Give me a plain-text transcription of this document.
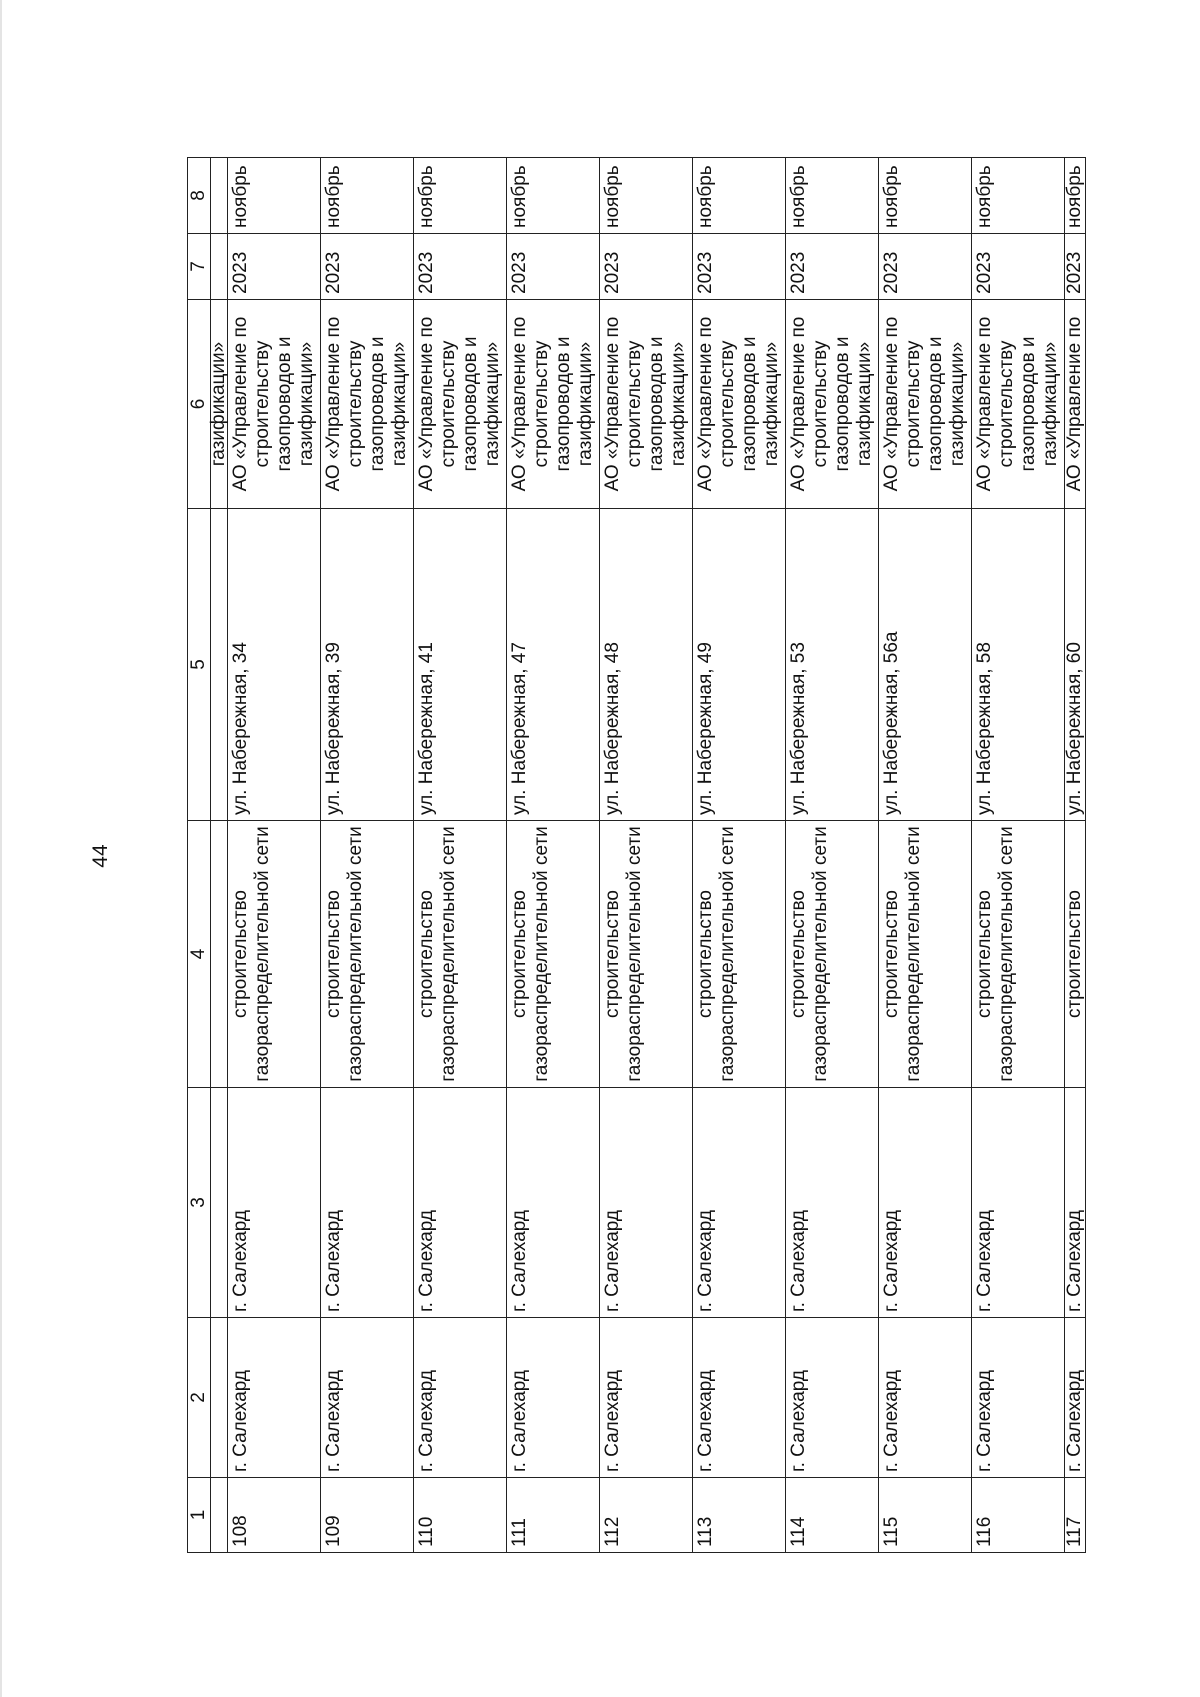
44
1	2	3	4	5	6	7	8
					газификации»		

108	г. Салехард	г. Салехард	строительство газораспределительной сети	ул. Набережная, 34	АО «Управление по строительству газопроводов и газификации»	2023	ноябрь

109	г. Салехард	г. Салехард	строительство газораспределительной сети	ул. Набережная, 39	АО «Управление по строительству газопроводов и газификации»	2023	ноябрь

110	г. Салехард	г. Салехард	строительство газораспределительной сети	ул. Набережная, 41	АО «Управление по строительству газопроводов и газификации»	2023	ноябрь

111	г. Салехард	г. Салехард	строительство газораспределительной сети	ул. Набережная, 47	АО «Управление по строительству газопроводов и газификации»	2023	ноябрь

112	г. Салехард	г. Салехард	строительство газораспределительной сети	ул. Набережная, 48	АО «Управление по строительству газопроводов и газификации»	2023	ноябрь

113	г. Салехард	г. Салехард	строительство газораспределительной сети	ул. Набережная, 49	АО «Управление по строительству газопроводов и газификации»	2023	ноябрь

114	г. Салехард	г. Салехард	строительство газораспределительной сети	ул. Набережная, 53	АО «Управление по строительству газопроводов и газификации»	2023	ноябрь

115	г. Салехард	г. Салехард	строительство газораспределительной сети	ул. Набережная, 56а	АО «Управление по строительству газопроводов и газификации»	2023	ноябрь

116	г. Салехард	г. Салехард	строительство газораспределительной сети	ул. Набережная, 58	АО «Управление по строительству газопроводов и газификации»	2023	ноябрь

117	г. Салехард	г. Салехард	строительство	ул. Набережная, 60	АО «Управление по	2023	ноябрь
